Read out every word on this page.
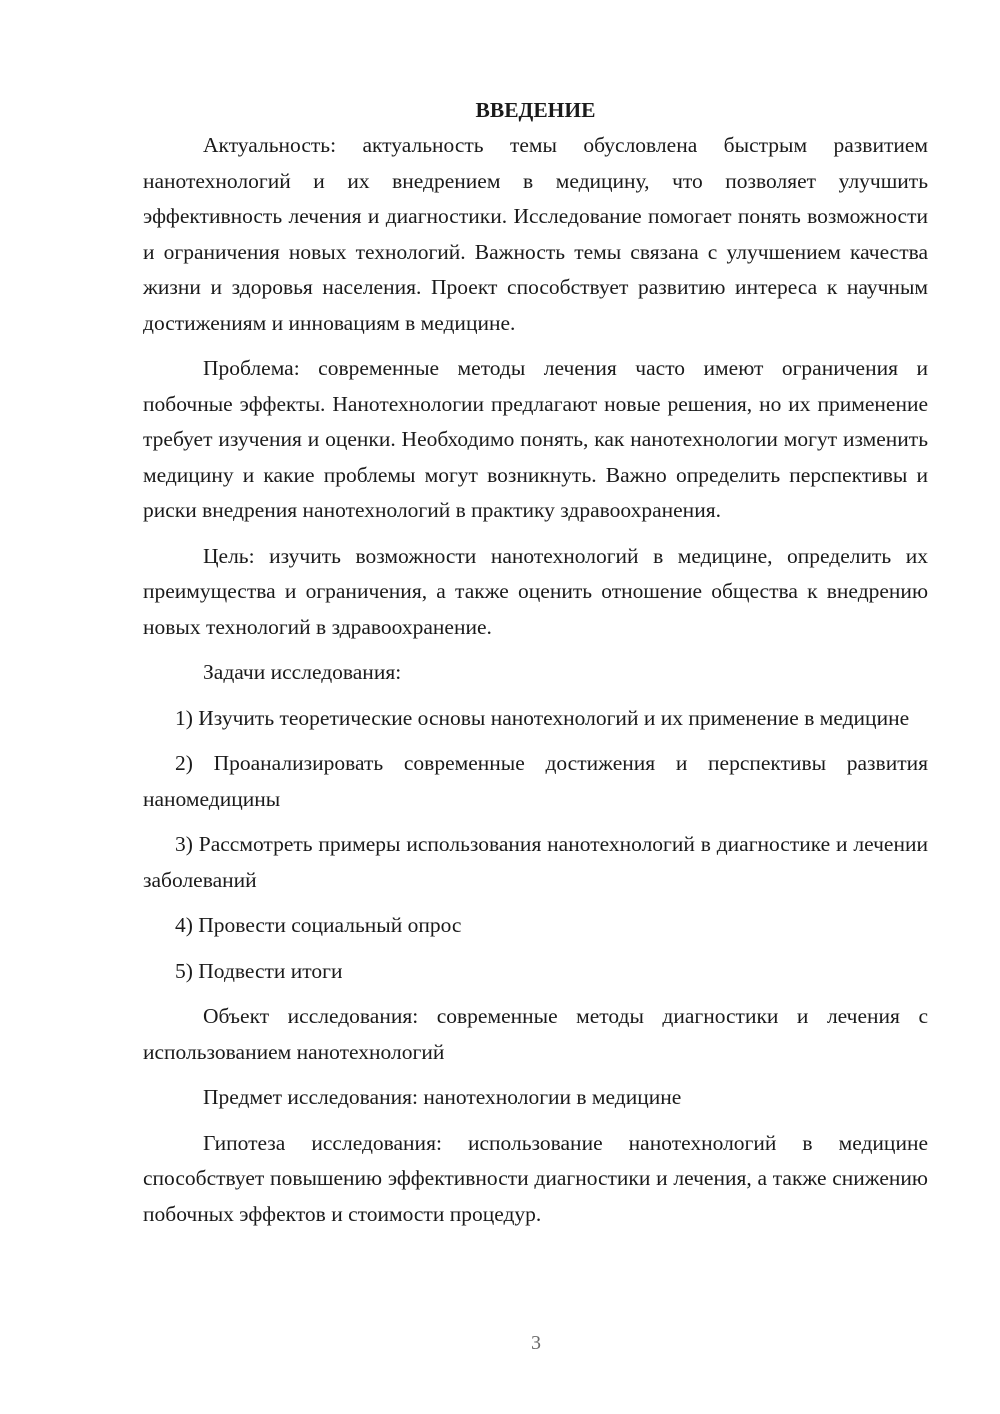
ВВЕДЕНИЕ

Актуальность: актуальность темы обусловлена быстрым развитием нанотехнологий и их внедрением в медицину, что позволяет улучшить эффективность лечения и диагностики. Исследование помогает понять возможности и ограничения новых технологий. Важность темы связана с улучшением качества жизни и здоровья населения. Проект способствует развитию интереса к научным достижениям и инновациям в медицине.

Проблема: современные методы лечения часто имеют ограничения и побочные эффекты. Нанотехнологии предлагают новые решения, но их применение требует изучения и оценки. Необходимо понять, как нанотехнологии могут изменить медицину и какие проблемы могут возникнуть. Важно определить перспективы и риски внедрения нанотехнологий в практику здравоохранения.

Цель: изучить возможности нанотехнологий в медицине, определить их преимущества и ограничения, а также оценить отношение общества к внедрению новых технологий в здравоохранение.

Задачи исследования:

1) Изучить теоретические основы нанотехнологий и их применение в медицине

2) Проанализировать современные достижения и перспективы развития наномедицины

3) Рассмотреть примеры использования нанотехнологий в диагностике и лечении заболеваний

4) Провести социальный опрос

5) Подвести итоги

Объект исследования: современные методы диагностики и лечения с использованием нанотехнологий

Предмет исследования: нанотехнологии в медицине

Гипотеза исследования: использование нанотехнологий в медицине способствует повышению эффективности диагностики и лечения, а также снижению побочных эффектов и стоимости процедур.

3
